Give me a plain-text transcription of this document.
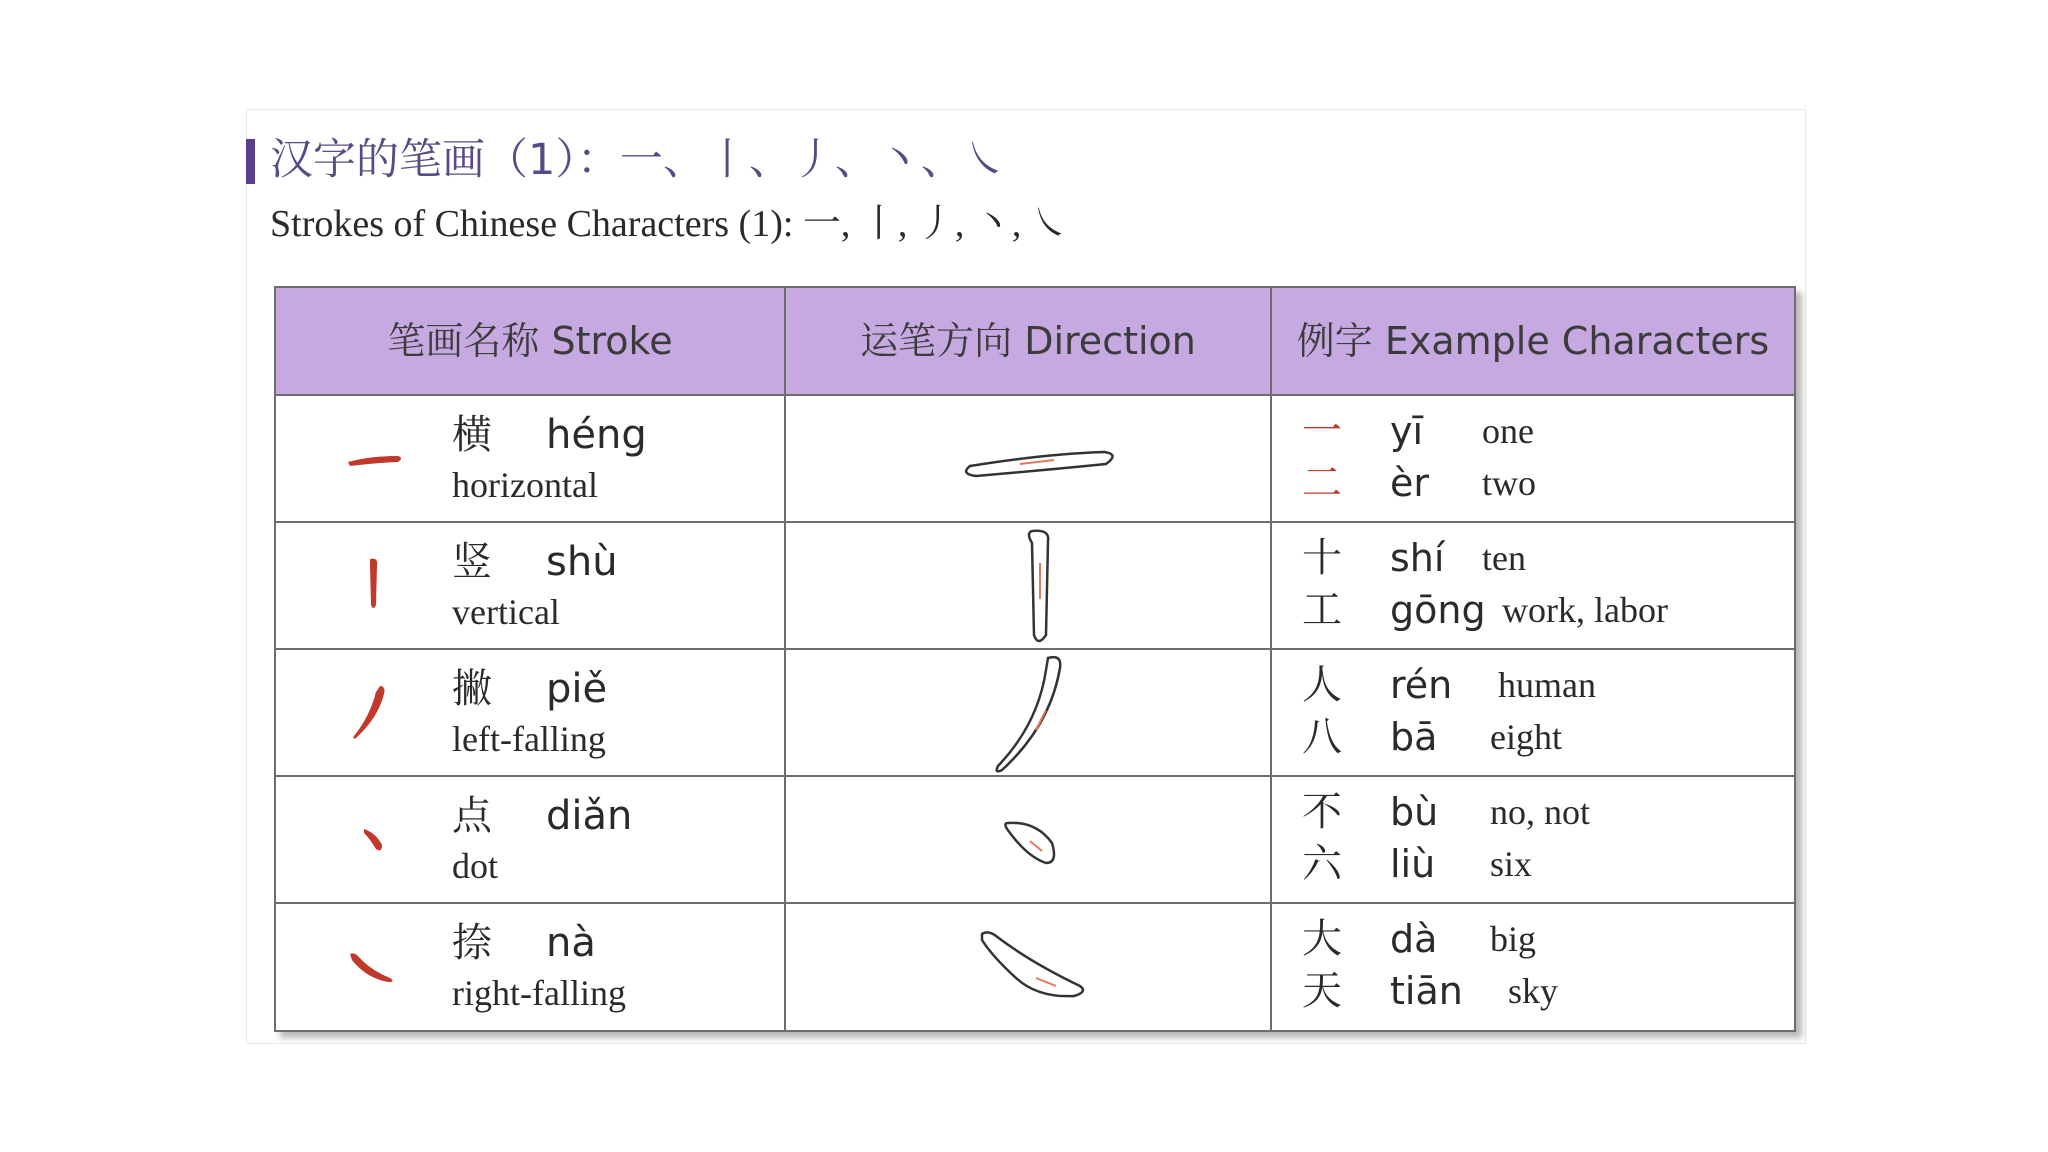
汉字的笔画（1）：一、丨、丿、丶、㇏
Strokes of Chinese Characters (1): 一, 丨, 丿, 丶, ㇏
笔画名称 Stroke	运笔方向 Direction	例字 Example Characters
横 héng
horizontal
一 yī one
二 èr two
竖 shù
vertical
十 shí ten
工 gōng work, labor
撇 piě
left-falling
人 rén human
八 bā eight
点 diǎn
dot
不 bù no, not
六 liù six
捺 nà
right-falling
大 dà big
天 tiān sky
